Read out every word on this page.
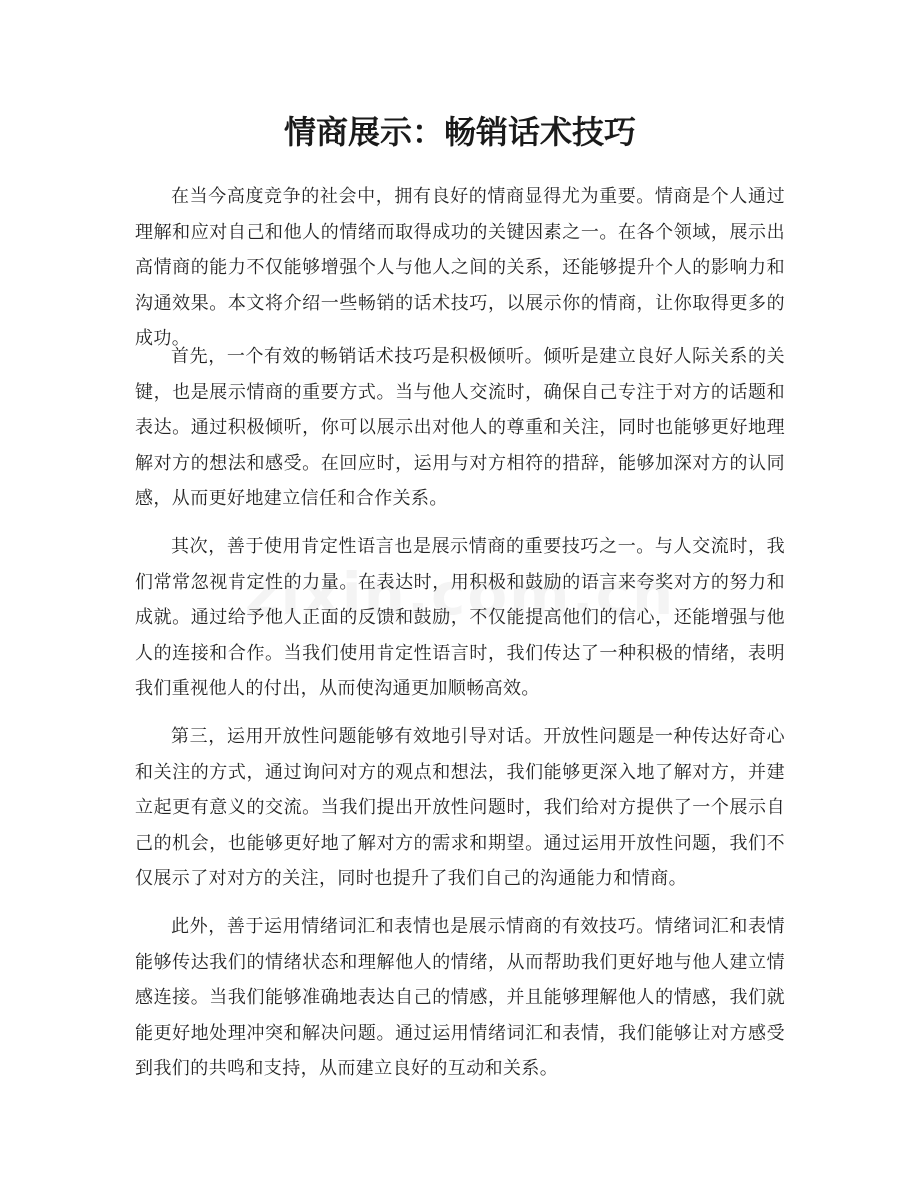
情商展示：畅销话术技巧

在当今高度竞争的社会中，拥有良好的情商显得尤为重要。情商是个人通过理解和应对自己和他人的情绪而取得成功的关键因素之一。在各个领域，展示出高情商的能力不仅能够增强个人与他人之间的关系，还能够提升个人的影响力和沟通效果。本文将介绍一些畅销的话术技巧，以展示你的情商，让你取得更多的成功。

首先，一个有效的畅销话术技巧是积极倾听。倾听是建立良好人际关系的关键，也是展示情商的重要方式。当与他人交流时，确保自己专注于对方的话题和表达。通过积极倾听，你可以展示出对他人的尊重和关注，同时也能够更好地理解对方的想法和感受。在回应时，运用与对方相符的措辞，能够加深对方的认同感，从而更好地建立信任和合作关系。

其次，善于使用肯定性语言也是展示情商的重要技巧之一。与人交流时，我们常常忽视肯定性的力量。在表达时，用积极和鼓励的语言来夸奖对方的努力和成就。通过给予他人正面的反馈和鼓励，不仅能提高他们的信心，还能增强与他人的连接和合作。当我们使用肯定性语言时，我们传达了一种积极的情绪，表明我们重视他人的付出，从而使沟通更加顺畅高效。

第三，运用开放性问题能够有效地引导对话。开放性问题是一种传达好奇心和关注的方式，通过询问对方的观点和想法，我们能够更深入地了解对方，并建立起更有意义的交流。当我们提出开放性问题时，我们给对方提供了一个展示自己的机会，也能够更好地了解对方的需求和期望。通过运用开放性问题，我们不仅展示了对对方的关注，同时也提升了我们自己的沟通能力和情商。

此外，善于运用情绪词汇和表情也是展示情商的有效技巧。情绪词汇和表情能够传达我们的情绪状态和理解他人的情绪，从而帮助我们更好地与他人建立情感连接。当我们能够准确地表达自己的情感，并且能够理解他人的情感，我们就能更好地处理冲突和解决问题。通过运用情绪词汇和表情，我们能够让对方感受到我们的共鸣和支持，从而建立良好的互动和关系。
